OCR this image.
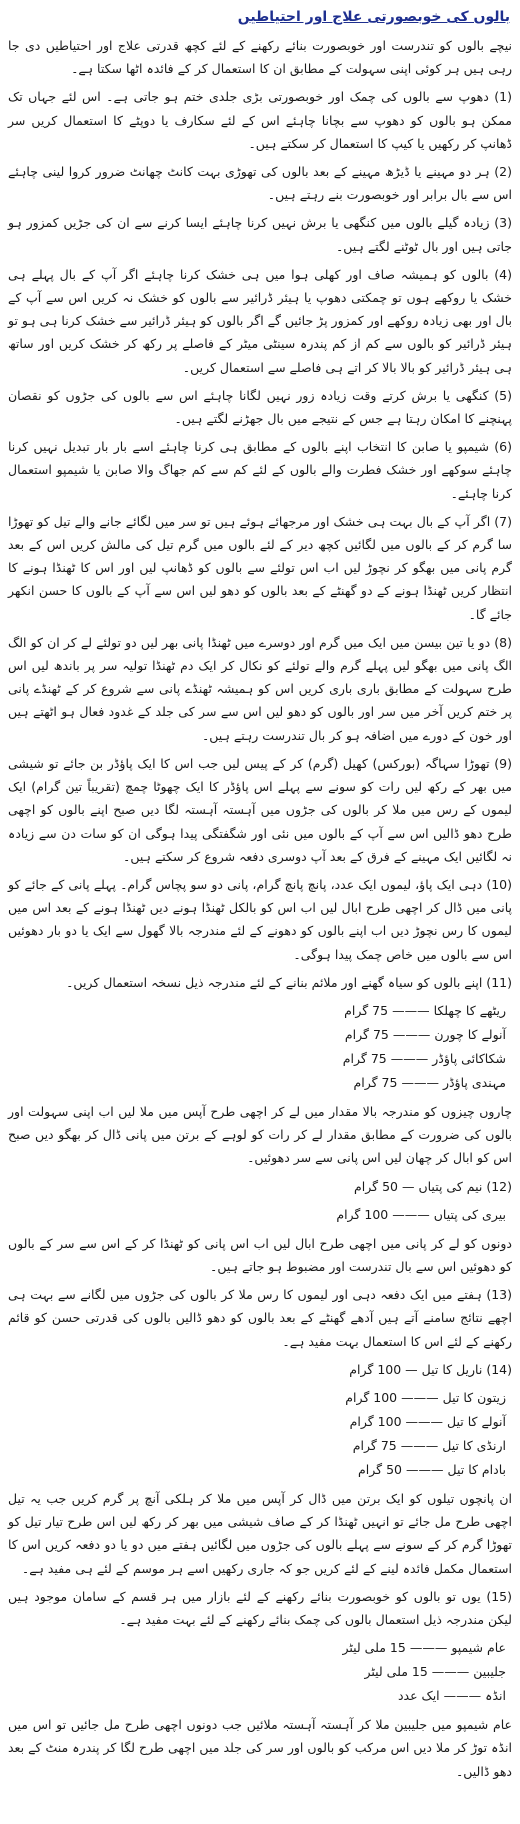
بالوں کی خوبصورتی علاج اور احتیاطیں
نیچے بالوں کو تندرست اور خوبصورت بنائے رکھنے کے لئے کچھ قدرتی علاج اور احتیاطیں دی جا رہی ہیں ہر کوئی اپنی سہولت کے مطابق ان کا استعمال کر کے فائدہ اٹھا سکتا ہے۔
(1) دھوپ سے بالوں کی چمک اور خوبصورتی بڑی جلدی ختم ہو جاتی ہے۔ اس لئے جہاں تک ممکن ہو بالوں کو دھوپ سے بچانا چاہئے اس کے لئے سکارف یا دوپٹے کا استعمال کریں سر ڈھانپ کر رکھیں یا کیپ کا استعمال کر سکتے ہیں۔
(2) ہر دو مہینے یا ڈیڑھ مہینے کے بعد بالوں کی تھوڑی بہت کانٹ چھانٹ ضرور کروا لینی چاہئے اس سے بال برابر اور خوبصورت بنے رہتے ہیں۔
(3) زیادہ گیلے بالوں میں کنگھی یا برش نہیں کرنا چاہئے ایسا کرنے سے ان کی جڑیں کمزور ہو جاتی ہیں اور بال ٹوٹنے لگتے ہیں۔
(4) بالوں کو ہمیشہ صاف اور کھلی ہوا میں ہی خشک کرنا چاہئے اگر آپ کے بال پہلے ہی خشک یا روکھے ہوں تو چمکتی دھوپ یا ہیئر ڈرائیر سے بالوں کو خشک نہ کریں اس سے آپ کے بال اور بھی زیادہ روکھے اور کمزور پڑ جائیں گے اگر بالوں کو ہیئر ڈرائیر سے خشک کرنا ہی ہو تو ہیئر ڈرائیر کو بالوں سے کم از کم پندرہ سینٹی میٹر کے فاصلے پر رکھ کر خشک کریں اور ساتھ ہی ہیئر ڈرائیر کو بالا بالا کر اتے ہی فاصلے سے استعمال کریں۔
(5) کنگھی یا برش کرتے وقت زیادہ زور نہیں لگانا چاہئے اس سے بالوں کی جڑوں کو نقصان پہنچنے کا امکان رہتا ہے جس کے نتیجے میں بال جھڑنے لگتے ہیں۔
(6) شیمپو یا صابن کا انتخاب اپنے بالوں کے مطابق ہی کرنا چاہئے اسے بار بار تبدیل نہیں کرنا چاہئے سوکھے اور خشک فطرت والے بالوں کے لئے کم سے کم جھاگ والا صابن یا شیمپو استعمال کرنا چاہئے۔
(7) اگر آپ کے بال بہت ہی خشک اور مرجھائے ہوئے ہیں تو سر میں لگائے جانے والے تیل کو تھوڑا سا گرم کر کے بالوں میں لگائیں کچھ دیر کے لئے بالوں میں گرم تیل کی مالش کریں اس کے بعد گرم پانی میں بھگو کر نچوڑ لیں اب اس تولئے سے بالوں کو ڈھانپ لیں اور اس کا ٹھنڈا ہونے کا انتظار کریں ٹھنڈا ہونے کے دو گھنٹے کے بعد بالوں کو دھو لیں اس سے آپ کے بالوں کا حسن انکھر جائے گا۔
(8) دو یا تین بیسن میں ایک میں گرم اور دوسرے میں ٹھنڈا پانی بھر لیں دو تولئے لے کر ان کو الگ الگ پانی میں بھگو لیں پہلے گرم والے تولئے کو نکال کر ایک دم ٹھنڈا تولیہ سر پر باندھ لیں اس طرح سہولت کے مطابق باری باری کریں اس کو ہمیشہ ٹھنڈے پانی سے شروع کر کے ٹھنڈے پانی پر ختم کریں آخر میں سر اور بالوں کو دھو لیں اس سے سر کی جلد کے غدود فعال ہو اٹھتے ہیں اور خون کے دورے میں اضافہ ہو کر بال تندرست رہتے ہیں۔
(9) تھوڑا سہاگہ (بورکس) کھیل (گرم) کر کے پیس لیں جب اس کا ایک پاؤڈر بن جائے تو شیشی میں بھر کے رکھ لیں رات کو سونے سے پہلے اس پاؤڈر کا ایک چھوٹا چمچ (تقریباً تین گرام) ایک لیموں کے رس میں ملا کر بالوں کی جڑوں میں آہستہ آہستہ لگا دیں صبح اپنے بالوں کو اچھی طرح دھو ڈالیں اس سے آپ کے بالوں میں نئی اور شگفتگی پیدا ہوگی ان کو سات دن سے زیادہ نہ لگائیں ایک مہینے کے فرق کے بعد آپ دوسری دفعہ شروع کر سکتے ہیں۔
(10) دہی ایک پاؤ، لیموں ایک عدد، پانچ پانچ گرام، پانی دو سو پچاس گرام۔ پہلے پانی کے جائے کو پانی میں ڈال کر اچھی طرح ابال لیں اب اس کو بالکل ٹھنڈا ہونے دیں ٹھنڈا ہونے کے بعد اس میں لیموں کا رس نچوڑ دیں اب اپنے بالوں کو دھونے کے لئے مندرجہ بالا گھول سے ایک یا دو بار دھوئیں اس سے بالوں میں خاص چمک پیدا ہوگی۔
(11) اپنے بالوں کو سیاہ گھنے اور ملائم بنانے کے لئے مندرجہ ذیل نسخہ استعمال کریں۔
ریٹھے کا چھلکا———75 گرام
آنولے کا چورن———75 گرام
شکاکائی پاؤڈر———75 گرام
مہندی پاؤڈر———75 گرام
چاروں چیزوں کو مندرجہ بالا مقدار میں لے کر اچھی طرح آپس میں ملا لیں اب اپنی سہولت اور بالوں کی ضرورت کے مطابق مقدار لے کر رات کو لوہے کے برتن میں پانی ڈال کر بھگو دیں صبح اس کو ابال کر چھان لیں اس پانی سے سر دھوئیں۔
(12) نیم کی پتیاں — 50 گرام
بیری کی پتیاں———100 گرام
دونوں کو لے کر پانی میں اچھی طرح ابال لیں اب اس پانی کو ٹھنڈا کر کے اس سے سر کے بالوں کو دھوئیں اس سے بال تندرست اور مضبوط ہو جاتے ہیں۔
(13) ہفتے میں ایک دفعہ دہی اور لیموں کا رس ملا کر بالوں کی جڑوں میں لگانے سے بہت ہی اچھے نتائج سامنے آتے ہیں آدھے گھنٹے کے بعد بالوں کو دھو ڈالیں بالوں کی قدرتی حسن کو قائم رکھنے کے لئے اس کا استعمال بہت مفید ہے۔
(14) ناریل کا تیل — 100 گرام
زیتون کا تیل———100 گرام
آنولے کا تیل———100 گرام
ارنڈی کا تیل———75 گرام
بادام کا تیل———50 گرام
ان پانچوں تیلوں کو ایک برتن میں ڈال کر آپس میں ملا کر ہلکی آنچ پر گرم کریں جب یہ تیل اچھی طرح مل جائے تو انہیں ٹھنڈا کر کے صاف شیشی میں بھر کر رکھ لیں اس طرح تیار تیل کو تھوڑا گرم کر کے سونے سے پہلے بالوں کی جڑوں میں لگائیں ہفتے میں دو یا دو دفعہ کریں اس کا استعمال مکمل فائدہ لینے کے لئے کریں جو کہ جاری رکھیں اسے ہر موسم کے لئے ہی مفید ہے۔
(15) یوں تو بالوں کو خوبصورت بنائے رکھنے کے لئے بازار میں ہر قسم کے سامان موجود ہیں لیکن مندرجہ ذیل استعمال بالوں کی چمک بنائے رکھنے کے لئے بہت مفید ہے۔
عام شیمپو———15 ملی لیٹر
جلیبین———15 ملی لیٹر
انڈہ———ایک عدد
عام شیمپو میں جلیبین ملا کر آہستہ آہستہ ملائیں جب دونوں اچھی طرح مل جائیں تو اس میں انڈہ توڑ کر ملا دیں اس مرکب کو بالوں اور سر کی جلد میں اچھی طرح لگا کر پندرہ منٹ کے بعد دھو ڈالیں۔
